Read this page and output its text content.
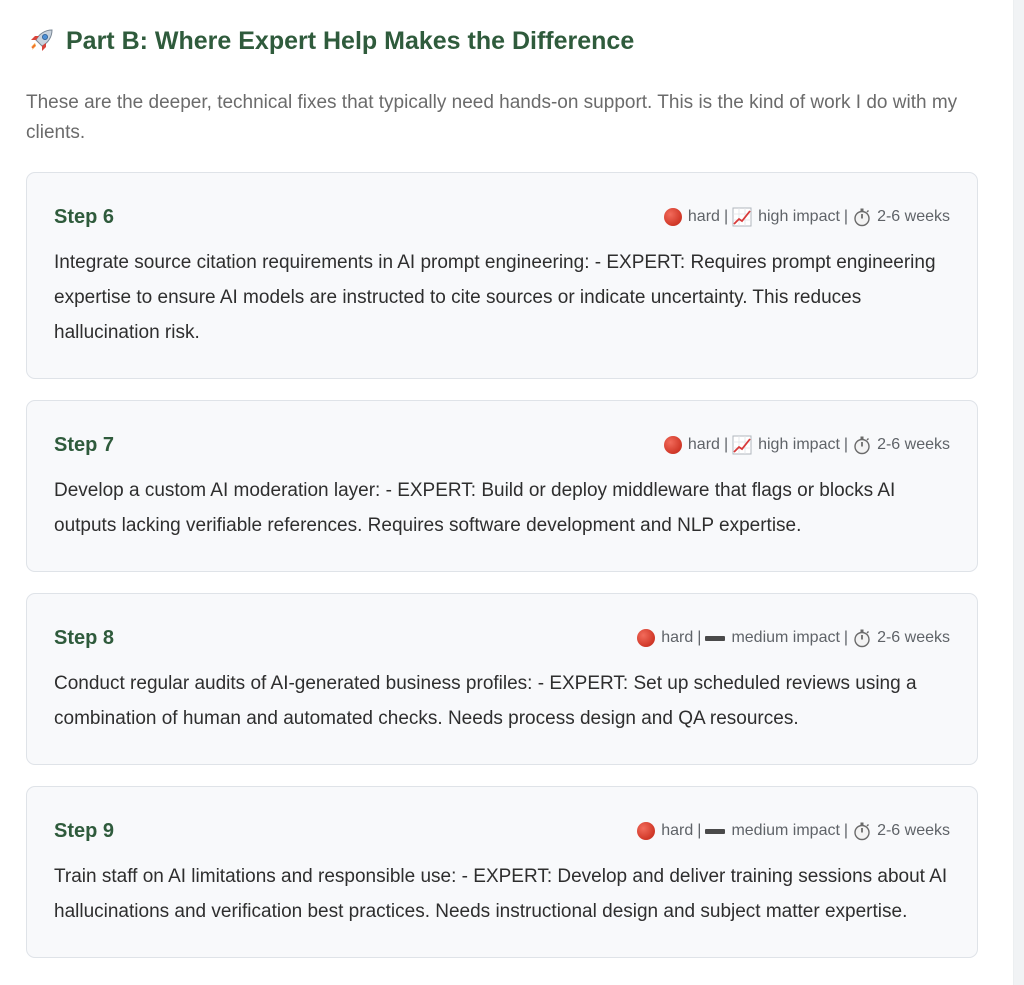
Part B: Where Expert Help Makes the Difference

These are the deeper, technical fixes that typically need hands-on support. This is the kind of work I do with my clients.

Step 6	hard | high impact | 2-6 weeks
Integrate source citation requirements in AI prompt engineering: - EXPERT: Requires prompt engineering expertise to ensure AI models are instructed to cite sources or indicate uncertainty. This reduces hallucination risk.
Step 7	hard | high impact | 2-6 weeks
Develop a custom AI moderation layer: - EXPERT: Build or deploy middleware that flags or blocks AI outputs lacking verifiable references. Requires software development and NLP expertise.
Step 8	hard | medium impact | 2-6 weeks
Conduct regular audits of AI-generated business profiles: - EXPERT: Set up scheduled reviews using a combination of human and automated checks. Needs process design and QA resources.
Step 9	hard | medium impact | 2-6 weeks
Train staff on AI limitations and responsible use: - EXPERT: Develop and deliver training sessions about AI hallucinations and verification best practices. Needs instructional design and subject matter expertise.
